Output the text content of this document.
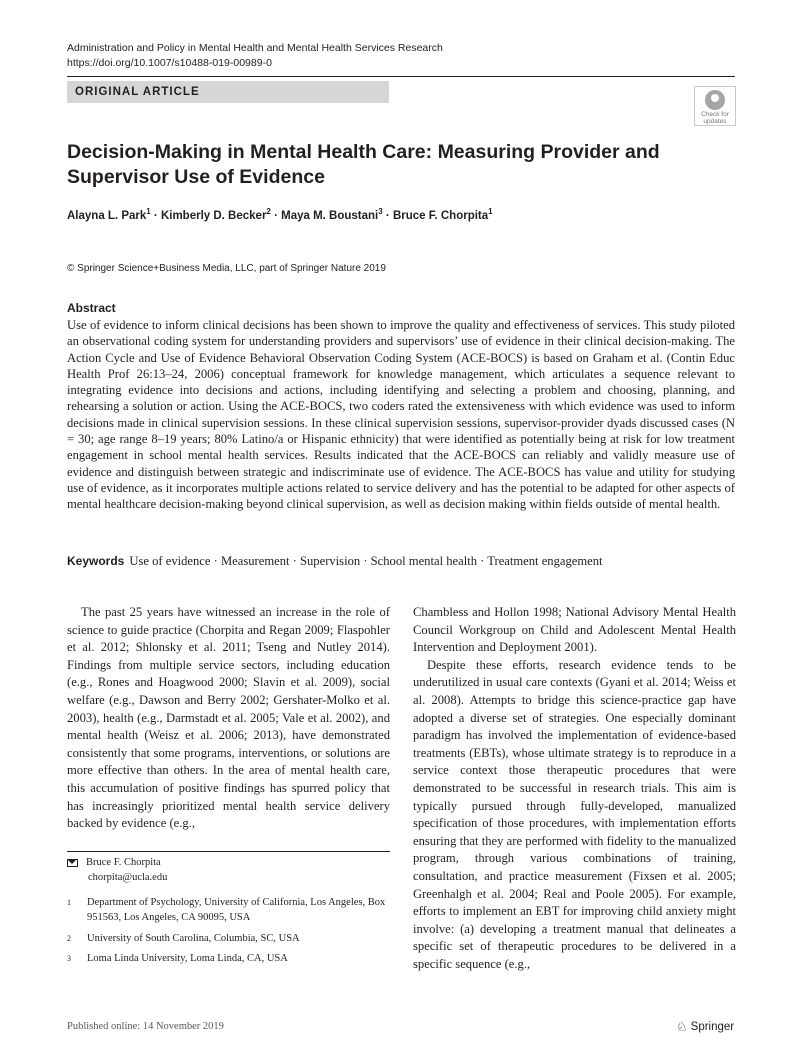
Administration and Policy in Mental Health and Mental Health Services Research
https://doi.org/10.1007/s10488-019-00989-0
ORIGINAL ARTICLE
Check for updates
Decision-Making in Mental Health Care: Measuring Provider and Supervisor Use of Evidence
Alayna L. Park$^1$ · Kimberly D. Becker$^2$ · Maya M. Boustani$^3$ · Bruce F. Chorpita$^1$
© Springer Science+Business Media, LLC, part of Springer Nature 2019
Abstract
Use of evidence to inform clinical decisions has been shown to improve the quality and effectiveness of services. This study piloted an observational coding system for understanding providers and supervisors’ use of evidence in their clinical decision-making. The Action Cycle and Use of Evidence Behavioral Observation Coding System (ACE-BOCS) is based on Graham et al. (Contin Educ Health Prof 26:13–24, 2006) conceptual framework for knowledge management, which articulates a sequence relevant to integrating evidence into decisions and actions, including identifying and selecting a problem and choosing, planning, and rehearsing a solution or action. Using the ACE-BOCS, two coders rated the extensiveness with which evidence was used to inform decisions made in clinical supervision sessions. In these clinical supervision sessions, supervisor-provider dyads discussed cases (N = 30; age range 8–19 years; 80% Latino/a or Hispanic ethnicity) that were identified as potentially being at risk for low treatment engagement in school mental health services. Results indicated that the ACE-BOCS can reliably and validly measure use of evidence and distinguish between strategic and indiscriminate use of evidence. The ACE-BOCS has value and utility for studying use of evidence, as it incorporates multiple actions related to service delivery and has the potential to be adapted for other aspects of mental healthcare decision-making beyond clinical supervision, as well as decision making within fields outside of mental health.
Keywords Use of evidence · Measurement · Supervision · School mental health · Treatment engagement

The past 25 years have witnessed an increase in the role of science to guide practice (Chorpita and Regan 2009; Flaspohler et al. 2012; Shlonsky et al. 2011; Tseng and Nutley 2014). Findings from multiple service sectors, including education (e.g., Rones and Hoagwood 2000; Slavin et al. 2009), social welfare (e.g., Dawson and Berry 2002; Gershater-Molko et al. 2003), health (e.g., Darmstadt et al. 2005; Vale et al. 2002), and mental health (Weisz et al. 2006; 2013), have demonstrated consistently that some programs, interventions, or solutions are more effective than others. In the area of mental health care, this accumulation of positive findings has spurred policy that has increasingly prioritized mental health service delivery backed by evidence (e.g.,

Chambless and Hollon 1998; National Advisory Mental Health Council Workgroup on Child and Adolescent Mental Health Intervention and Deployment 2001).

Despite these efforts, research evidence tends to be underutilized in usual care contexts (Gyani et al. 2014; Weiss et al. 2008). Attempts to bridge this science-practice gap have adopted a diverse set of strategies. One especially dominant paradigm has involved the implementation of evidence-based treatments (EBTs), whose ultimate strategy is to reproduce in a service context those therapeutic procedures that were demonstrated to be successful in research trials. This aim is typically pursued through fully-developed, manualized specification of those procedures, with implementation efforts ensuring that they are performed with fidelity to the manualized program, through various combinations of training, consultation, and practice measurement (Fixsen et al. 2005; Greenhalgh et al. 2004; Real and Poole 2005). For example, efforts to implement an EBT for improving child anxiety might involve: (a) developing a treatment manual that delineates a specific set of therapeutic procedures to be delivered in a specific sequence (e.g.,

Bruce F. Chorpita
chorpita@ucla.edu
1	Department of Psychology, University of California, Los Angeles, Box 951563, Los Angeles, CA 90095, USA
2	University of South Carolina, Columbia, SC, USA
3	Loma Linda University, Loma Linda, CA, USA
Published online: 14 November 2019	♘ Springer
